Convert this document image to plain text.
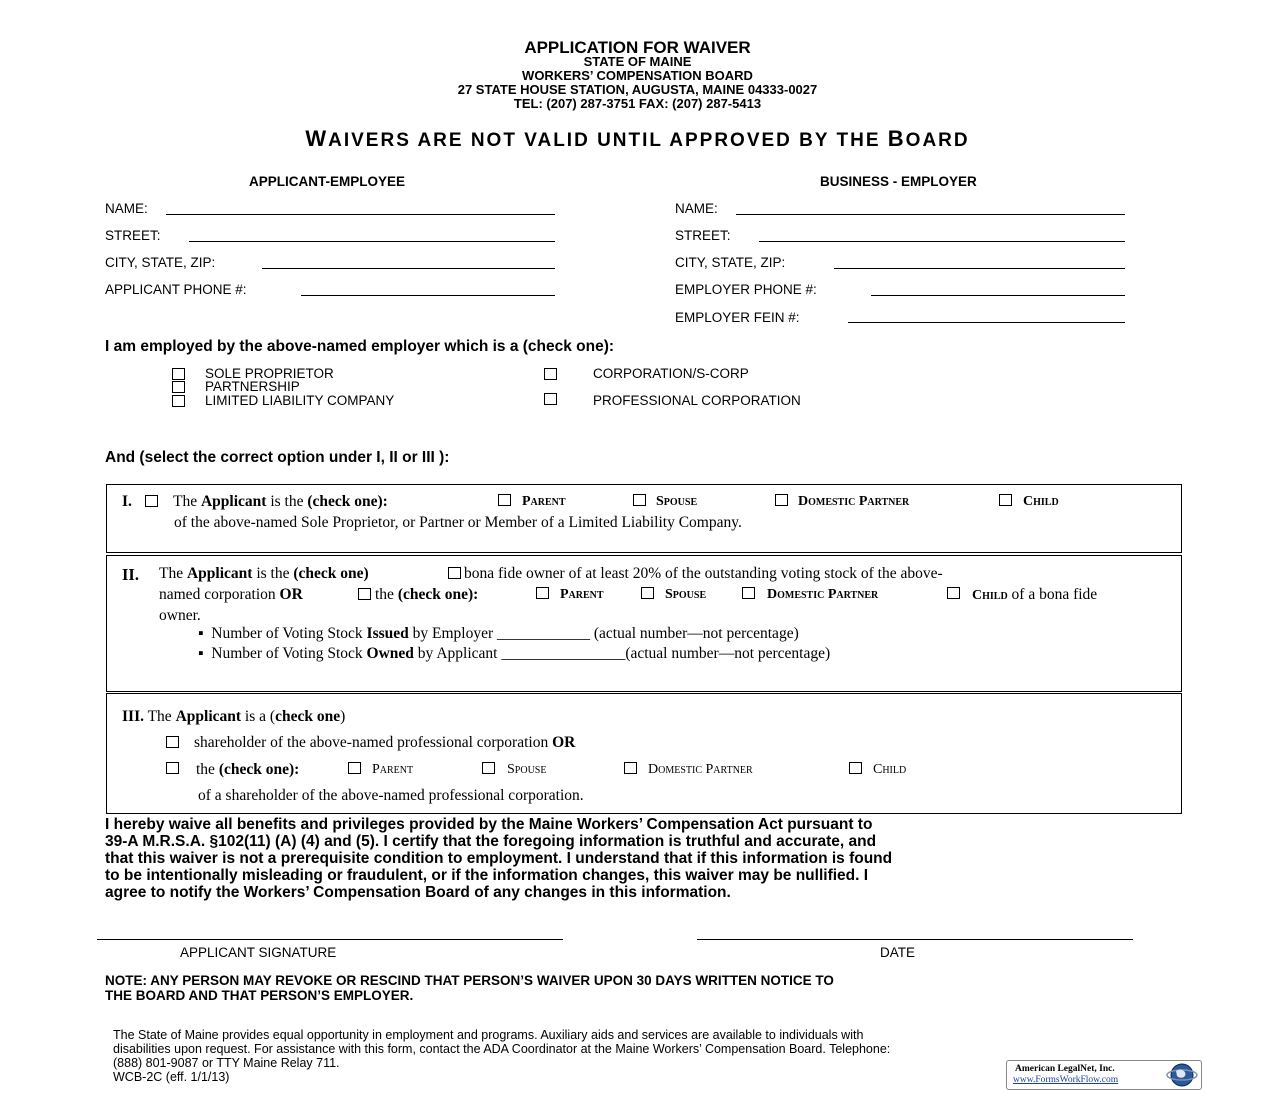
APPLICATION FOR WAIVER
STATE OF MAINE
WORKERS’ COMPENSATION BOARD
27 STATE HOUSE STATION, AUGUSTA, MAINE 04333-0027
TEL: (207) 287-3751 FAX: (207) 287-5413
WAIVERS ARE NOT VALID UNTIL APPROVED BY THE BOARD
APPLICANT-EMPLOYEE	BUSINESS - EMPLOYER
NAME:
STREET:
CITY, STATE, ZIP:
APPLICANT PHONE #:
NAME:
STREET:
CITY, STATE, ZIP:
EMPLOYER PHONE #:
EMPLOYER FEIN #:
I am employed by the above-named employer which is a (check one):
SOLE PROPRIETOR
PARTNERSHIP
LIMITED LIABILITY COMPANY
CORPORATION/S-CORP
PROFESSIONAL CORPORATION
And (select the correct option under I, II or III ):
I.	The Applicant is the (check one):	Parent	Spouse	Domestic Partner	Child
of the above-named Sole Proprietor, or Partner or Member of a Limited Liability Company.
II. The Applicant is the (check one)	bona fide owner of at least 20% of the outstanding voting stock of the above-
named corporation OR	the (check one):	Parent	Spouse	Domestic Partner	Child of a bona fide
owner.
▪  Number of Voting Stock Issued by Employer ____________ (actual number—not percentage)
▪  Number of Voting Stock Owned by Applicant ________________(actual number—not percentage)
III. The Applicant is a (check one)
shareholder of the above-named professional corporation OR
the (check one):	Parent	Spouse	Domestic Partner	Child
of a shareholder of the above-named professional corporation.
I hereby waive all benefits and privileges provided by the Maine Workers’ Compensation Act pursuant to
39-A M.R.S.A. §102(11) (A) (4) and (5). I certify that the foregoing information is truthful and accurate, and
that this waiver is not a prerequisite condition to employment. I understand that if this information is found
to be intentionally misleading or fraudulent, or if the information changes, this waiver may be nullified. I
agree to notify the Workers’ Compensation Board of any changes in this information.
APPLICANT SIGNATURE	DATE
NOTE: ANY PERSON MAY REVOKE OR RESCIND THAT PERSON’S WAIVER UPON 30 DAYS WRITTEN NOTICE TO
THE BOARD AND THAT PERSON’S EMPLOYER.
The State of Maine provides equal opportunity in employment and programs. Auxiliary aids and services are available to individuals with
disabilities upon request. For assistance with this form, contact the ADA Coordinator at the Maine Workers’ Compensation Board. Telephone:
(888) 801-9087 or TTY Maine Relay 711.
WCB-2C (eff. 1/1/13)
American LegalNet, Inc.
www.FormsWorkFlow.com
